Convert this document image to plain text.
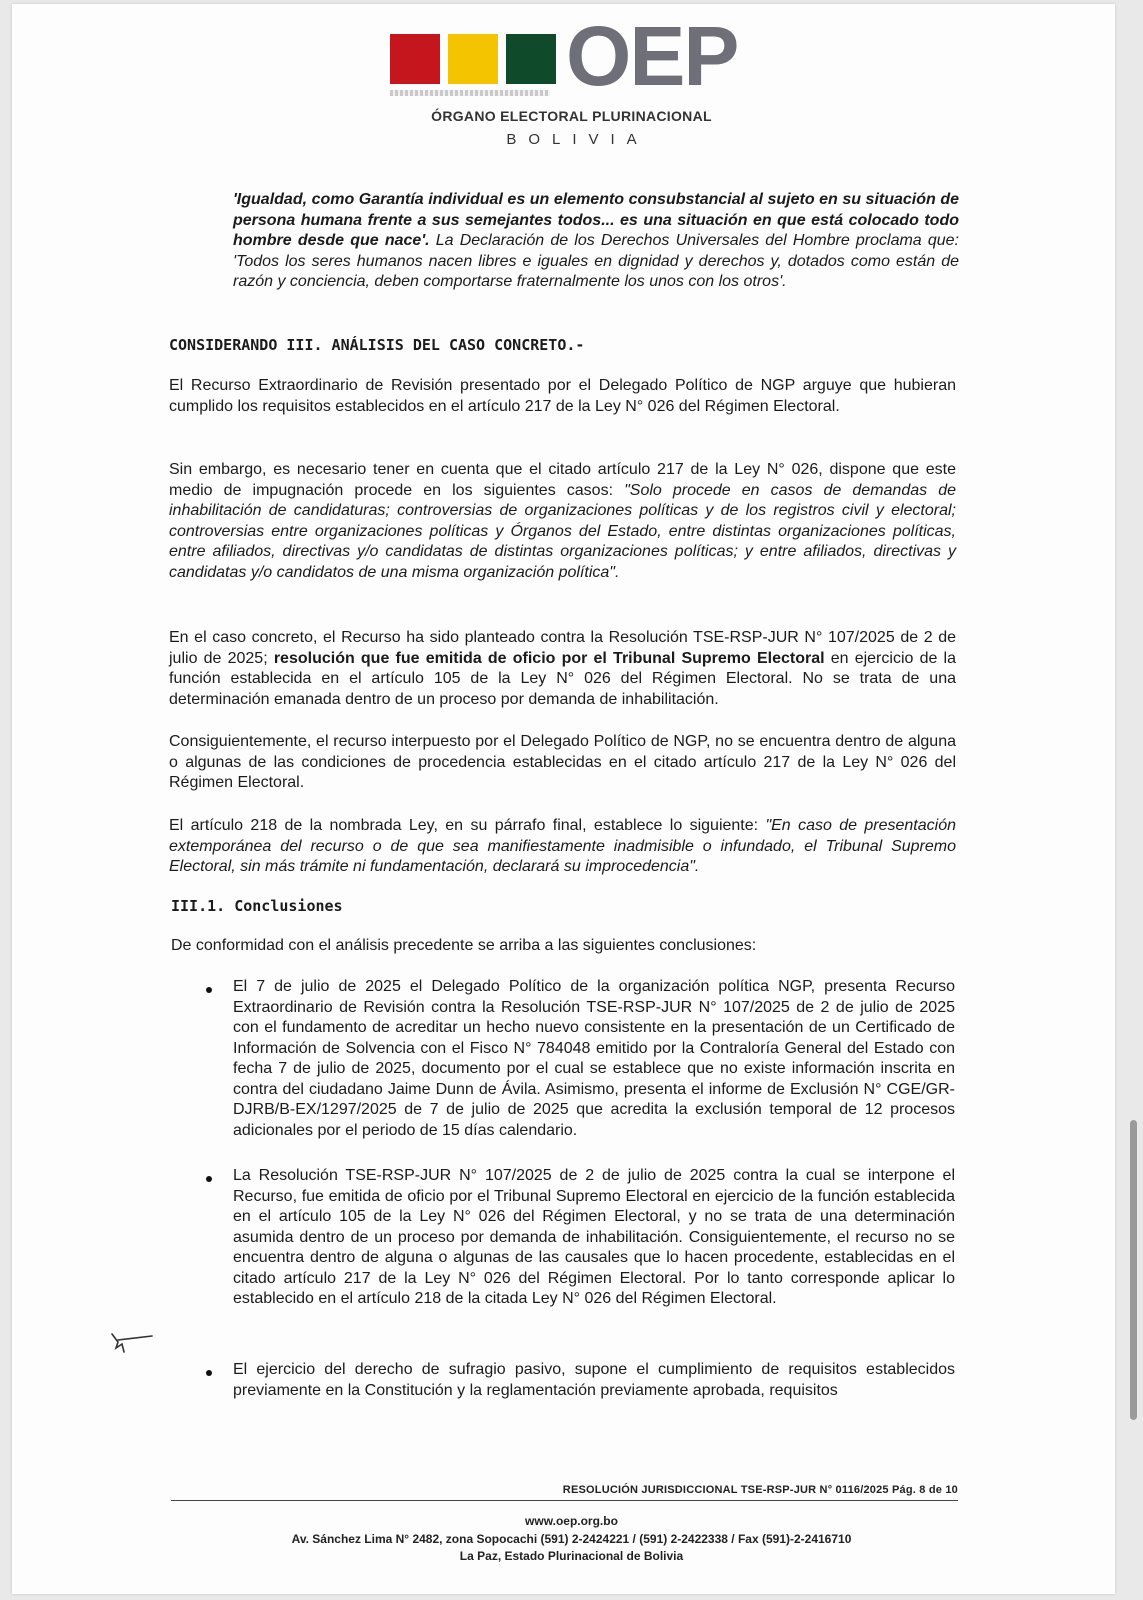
OEP
ÓRGANO ELECTORAL PLURINACIONAL
BOLIVIA

'Igualdad, como Garantía individual es un elemento consubstancial al sujeto en su situación de persona humana frente a sus semejantes todos... es una situación en que está colocado todo hombre desde que nace'. La Declaración de los Derechos Universales del Hombre proclama que: 'Todos los seres humanos nacen libres e iguales en dignidad y derechos y, dotados como están de razón y conciencia, deben comportarse fraternalmente los unos con los otros'.

CONSIDERANDO III. ANÁLISIS DEL CASO CONCRETO.-

El Recurso Extraordinario de Revisión presentado por el Delegado Político de NGP arguye que hubieran cumplido los requisitos establecidos en el artículo 217 de la Ley N° 026 del Régimen Electoral.

Sin embargo, es necesario tener en cuenta que el citado artículo 217 de la Ley N° 026, dispone que este medio de impugnación procede en los siguientes casos: "Solo procede en casos de demandas de inhabilitación de candidaturas; controversias de organizaciones políticas y de los registros civil y electoral; controversias entre organizaciones políticas y Órganos del Estado, entre distintas organizaciones políticas, entre afiliados, directivas y/o candidatas de distintas organizaciones políticas; y entre afiliados, directivas y candidatas y/o candidatos de una misma organización política".

En el caso concreto, el Recurso ha sido planteado contra la Resolución TSE-RSP-JUR N° 107/2025 de 2 de julio de 2025; resolución que fue emitida de oficio por el Tribunal Supremo Electoral en ejercicio de la función establecida en el artículo 105 de la Ley N° 026 del Régimen Electoral. No se trata de una determinación emanada dentro de un proceso por demanda de inhabilitación.

Consiguientemente, el recurso interpuesto por el Delegado Político de NGP, no se encuentra dentro de alguna o algunas de las condiciones de procedencia establecidas en el citado artículo 217 de la Ley N° 026 del Régimen Electoral.

El artículo 218 de la nombrada Ley, en su párrafo final, establece lo siguiente: "En caso de presentación extemporánea del recurso o de que sea manifiestamente inadmisible o infundado, el Tribunal Supremo Electoral, sin más trámite ni fundamentación, declarará su improcedencia".

III.1. Conclusiones

De conformidad con el análisis precedente se arriba a las siguientes conclusiones:

El 7 de julio de 2025 el Delegado Político de la organización política NGP, presenta Recurso Extraordinario de Revisión contra la Resolución TSE-RSP-JUR N° 107/2025 de 2 de julio de 2025 con el fundamento de acreditar un hecho nuevo consistente en la presentación de un Certificado de Información de Solvencia con el Fisco N° 784048 emitido por la Contraloría General del Estado con fecha 7 de julio de 2025, documento por el cual se establece que no existe información inscrita en contra del ciudadano Jaime Dunn de Ávila. Asimismo, presenta el informe de Exclusión N° CGE/GR-DJRB/B-EX/1297/2025 de 7 de julio de 2025 que acredita la exclusión temporal de 12 procesos adicionales por el periodo de 15 días calendario.

La Resolución TSE-RSP-JUR N° 107/2025 de 2 de julio de 2025 contra la cual se interpone el Recurso, fue emitida de oficio por el Tribunal Supremo Electoral en ejercicio de la función establecida en el artículo 105 de la Ley N° 026 del Régimen Electoral, y no se trata de una determinación asumida dentro de un proceso por demanda de inhabilitación. Consiguientemente, el recurso no se encuentra dentro de alguna o algunas de las causales que lo hacen procedente, establecidas en el citado artículo 217 de la Ley N° 026 del Régimen Electoral. Por lo tanto corresponde aplicar lo establecido en el artículo 218 de la citada Ley N° 026 del Régimen Electoral.

El ejercicio del derecho de sufragio pasivo, supone el cumplimiento de requisitos establecidos previamente en la Constitución y la reglamentación previamente aprobada, requisitos

RESOLUCIÓN JURISDICCIONAL TSE-RSP-JUR N° 0116/2025 Pág. 8 de 10
www.oep.org.bo
Av. Sánchez Lima N° 2482, zona Sopocachi (591) 2-2424221 / (591) 2-2422338 / Fax (591)-2-2416710
La Paz, Estado Plurinacional de Bolivia
